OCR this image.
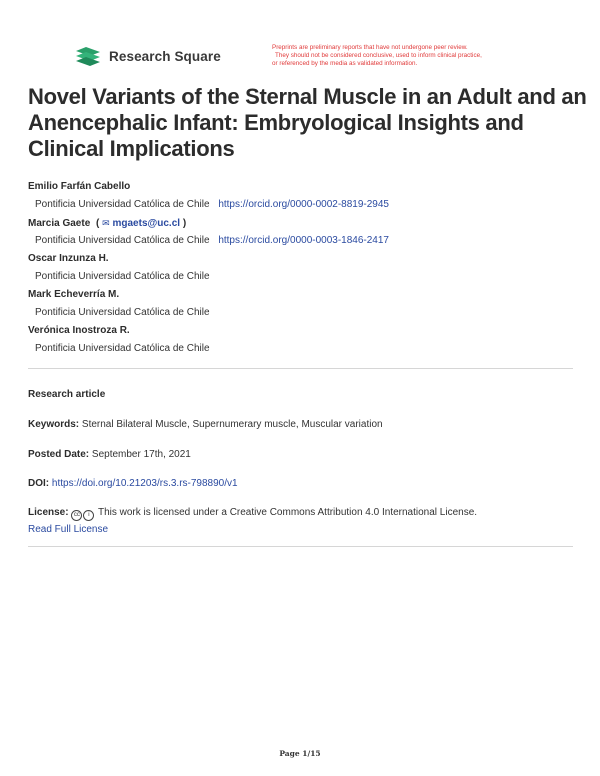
Research Square
Preprints are preliminary reports that have not undergone peer review.
They should not be considered conclusive, used to inform clinical practice,
or referenced by the media as validated information.
Novel Variants of the Sternal Muscle in an Adult and an Anencephalic Infant: Embryological Insights and Clinical Implications
Emilio Farfán Cabello
Pontificia Universidad Católica de Chile https://orcid.org/0000-0002-8819-2945
Marcia Gaete ( ✉ mgaets@uc.cl )
Pontificia Universidad Católica de Chile https://orcid.org/0000-0003-1846-2417
Oscar Inzunza H.
Pontificia Universidad Católica de Chile
Mark Echeverría M.
Pontificia Universidad Católica de Chile
Verónica Inostroza R.
Pontificia Universidad Católica de Chile
Research article
Keywords: Sternal Bilateral Muscle, Supernumerary muscle, Muscular variation
Posted Date: September 17th, 2021
DOI: https://doi.org/10.21203/rs.3.rs-798890/v1
License: cc i This work is licensed under a Creative Commons Attribution 4.0 International License.
Read Full License
Page 1/15
